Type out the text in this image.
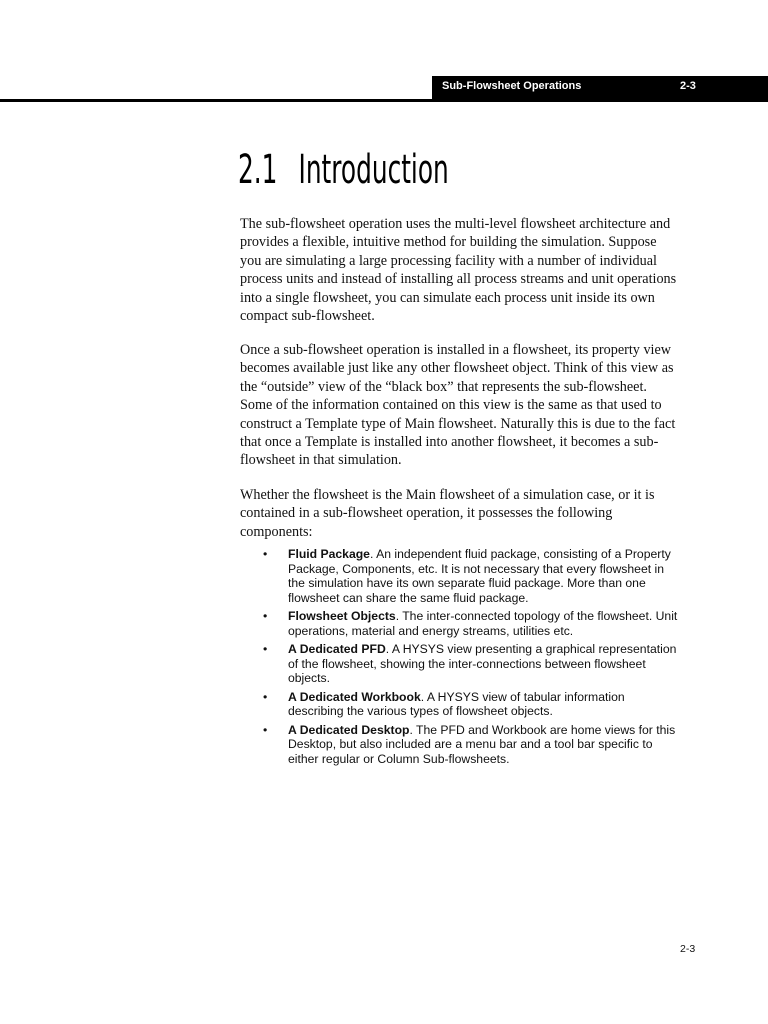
Sub-Flowsheet Operations	2-3
2.1 Introduction

The sub-flowsheet operation uses the multi-level flowsheet architecture and provides a flexible, intuitive method for building the simulation. Suppose you are simulating a large processing facility with a number of individual process units and instead of installing all process streams and unit operations into a single flowsheet, you can simulate each process unit inside its own compact sub-flowsheet.

Once a sub-flowsheet operation is installed in a flowsheet, its property view becomes available just like any other flowsheet object. Think of this view as the “outside” view of the “black box” that represents the sub-flowsheet. Some of the information contained on this view is the same as that used to construct a Template type of Main flowsheet. Naturally this is due to the fact that once a Template is installed into another flowsheet, it becomes a sub-flowsheet in that simulation.

Whether the flowsheet is the Main flowsheet of a simulation case, or it is contained in a sub-flowsheet operation, it possesses the following components:

• Fluid Package. An independent fluid package, consisting of a Property Package, Components, etc. It is not necessary that every flowsheet in the simulation have its own separate fluid package. More than one flowsheet can share the same fluid package.
• Flowsheet Objects. The inter-connected topology of the flowsheet. Unit operations, material and energy streams, utilities etc.
• A Dedicated PFD. A HYSYS view presenting a graphical representation of the flowsheet, showing the inter-connections between flowsheet objects.
• A Dedicated Workbook. A HYSYS view of tabular information describing the various types of flowsheet objects.
• A Dedicated Desktop. The PFD and Workbook are home views for this Desktop, but also included are a menu bar and a tool bar specific to either regular or Column Sub-flowsheets.
2-3
